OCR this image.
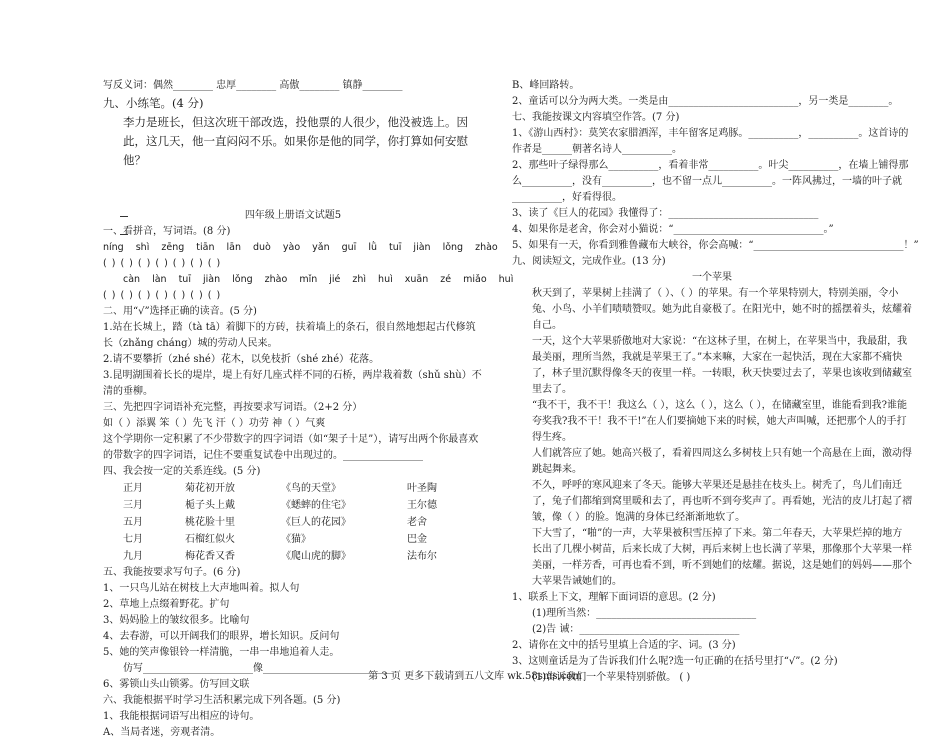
写反义词：偶然________ 忠厚________ 高傲________ 镇静________
九、小练笔。(4 分)
李力是班长，但这次班干部改选，投他票的人很少，他没被选上。因此，这几天，他一直闷闷不乐。如果你是他的同学，你打算如何安慰他？
四年级上册语文试题5
一、看拼音，写词语。(8 分)
níng shì zēng tiān lān duò yào yǎn guī lǜ tuī jiàn lǒng zhào
( ) ( ) ( ) ( ) ( ) ( ) ( )
càn làn tuī jiàn lǒng zhào mǐn jié zhì huì xuān zé miǎo huì
( ) ( ) ( ) ( ) ( ) ( ) ( )
二、用“√”选择正确的读音。(5 分)
1.站在长城上，踏（tà tā）着脚下的方砖，扶着墙上的条石，很自然地想起古代修筑长（zhǎng cháng）城的劳动人民来。
2.请不要攀折（zhé shé）花木，以免枝折（shé zhé）花落。
3.昆明湖围着长长的堤岸，堤上有好几座式样不同的石桥，两岸栽着数（shǔ shù）不清的垂柳。
三、先把四字词语补充完整，再按要求写词语。（2+2 分）
如（ ）添翼 笨（ ）先飞 汗（ ）功劳 神（ ）气爽
这个学期你一定积累了不少带数字的四字词语（如“架子十足”），请写出两个你最喜欢的带数字的四字词语，记住不要重复试卷中出现过的。________________
四、我会按一定的关系连线。(5 分)
正月	菊花初开放	《鸟的天堂》	叶圣陶
三月	栀子头上戴	《蟋蟀的住宅》	王尔德
五月	桃花脸十里	《巨人的花园》	老舍
七月	石榴红似火	《猫》	巴金
九月	梅花香又香	《爬山虎的脚》	法布尔
五、我能按要求写句子。(6 分)
1、一只鸟儿站在树枝上大声地叫着。拟人句
2、草地上点缀着野花。扩句
3、妈妈脸上的皱纹很多。比喻句
4、去春游，可以开阔我们的眼界，增长知识。反问句
5、她的笑声像银铃一样清脆，一串一串地追着人走。
仿写______________________像__________________________
6、雾锁山头山锁雾。仿写回文联
六、我能根据平时学习生活积累完成下列各题。(5 分)
1、我能根据词语写出相应的诗句。
A、当局者迷，旁观者清。
B、峰回路转。
2、童话可以分为两大类。一类是由__________________________，另一类是________。
七、我能按课文内容填空作答。(7 分)
1、《游山西村》：莫笑农家腊酒浑，丰年留客足鸡豚。__________，__________。这首诗的作者是______朝著名诗人__________。
2、那些叶子绿得那么__________，看着非常__________。叶尖__________，在墙上铺得那么__________，没有__________，也不留一点儿__________。一阵风拂过，一墙的叶子就__________，好看得很。
3、读了《巨人的花园》我懂得了：______________________________
4、如果你是老舍，你会对小猫说：“______________________________。”
5、如果有一天，你看到雅鲁藏布大峡谷，你会高喊：“______________________________！”
九、阅读短文，完成作业。(13 分)
一个苹果
秋天到了，苹果树上挂满了（ ）、（ ）的苹果。有一个苹果特别大，特别美丽，令小兔、小鸟、小羊们啧啧赞叹。她为此自豪极了。在阳光中，她不时的摇摆着头，炫耀着自己。
一天，这个大苹果骄傲地对大家说：“在这林子里，在树上，在苹果当中，我最甜，我最美丽，理所当然，我就是苹果王了。”本来嘛，大家在一起快活，现在大家都不痛快了，林子里沉默得像冬天的夜里一样。一转眼，秋天快要过去了，苹果也该收到储藏室里去了。
“我不干，我不干！我这么（ ），这么（ ），这么（ ），在储藏室里，谁能看到我?谁能夸奖我?我不干！我不干!”在人们要摘她下来的时候，她大声叫喊，还把那个人的手打得生疼。
人们就答应了她。她高兴极了，看着四周这么多树枝上只有她一个高悬在上面，激动得跳起舞来。
不久，呼呼的寒风迎来了冬天。能够大苹果还是悬挂在枝头上。树秃了，鸟儿们南迁了，兔子们都缩到窝里暖和去了，再也听不到夸奖声了。再看她，光洁的皮儿打起了褶皱，像（ ）的脸。饱满的身体已经渐渐地软了。
下大雪了，“啪”的一声，大苹果被积雪压掉了下来。第二年春天，大苹果烂掉的地方长出了几棵小树苗，后来长成了大树，再后来树上也长满了苹果，那像那个大苹果一样美丽，一样芳香，可再也看不到，听不到她们的炫耀。据说，这是她们的妈妈——那个大苹果告诫她们的。
1、联系上下文，理解下面词语的意思。(2 分)
(1)理所当然：________________________________
(2)告 诫：________________________________
2、请你在文中的括号里填上合适的字、词。(3 分)
3、这则童话是为了告诉我们什么呢?选一句正确的在括号里打“√”。(2 分)
(1)告诉我们一个苹果特别骄傲。 ( )
第 3 页 更多下载请到五八文库 wk.58sms.com
